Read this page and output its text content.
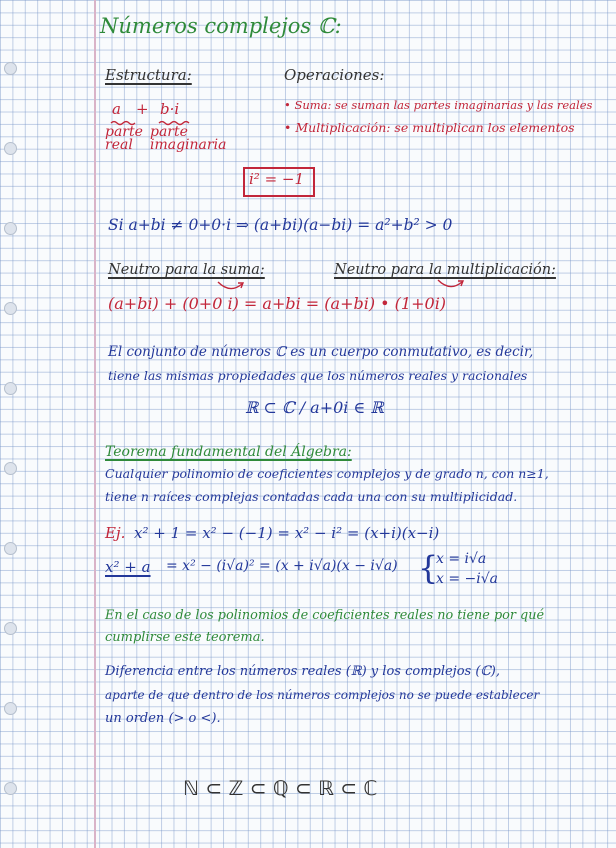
Números complejos ℂ:
Estructura:
a + b·i
parte real
parte imaginaria
Operaciones:
• Suma: se suman las partes imaginarias y las reales
• Multiplicación: se multiplican los elementos
i² = −1
Si a+bi ≠ 0+0·i ⇒ (a+bi)(a−bi) = a²+b² > 0
Neutro para la suma:	Neutro para la multiplicación:
(a+bi) + (0+0 i) = a+bi = (a+bi) • (1+0i)
El conjunto de números ℂ es un cuerpo conmutativo, es decir,
tiene las mismas propiedades que los números reales y racionales
ℝ ⊂ ℂ / a+0i ∈ ℝ
Teorema fundamental del Álgebra:
Cualquier polinomio de coeficientes complejos y de grado n, con n≥1,
tiene n raíces complejas contadas cada una con su multiplicidad.
Ej. x² + 1 = x² − (−1) = x² − i² = (x+i)(x−i)
x² + a = x² − (i√a)² = (x + i√a)(x − i√a) {
x = i√a
x = −i√a
En el caso de los polinomios de coeficientes reales no tiene por qué
cumplirse este teorema.
Diferencia entre los números reales (ℝ) y los complejos (ℂ),
aparte de que dentro de los números complejos no se puede establecer
un orden (> o <).
ℕ ⊂ ℤ ⊂ ℚ ⊂ ℝ ⊂ ℂ
